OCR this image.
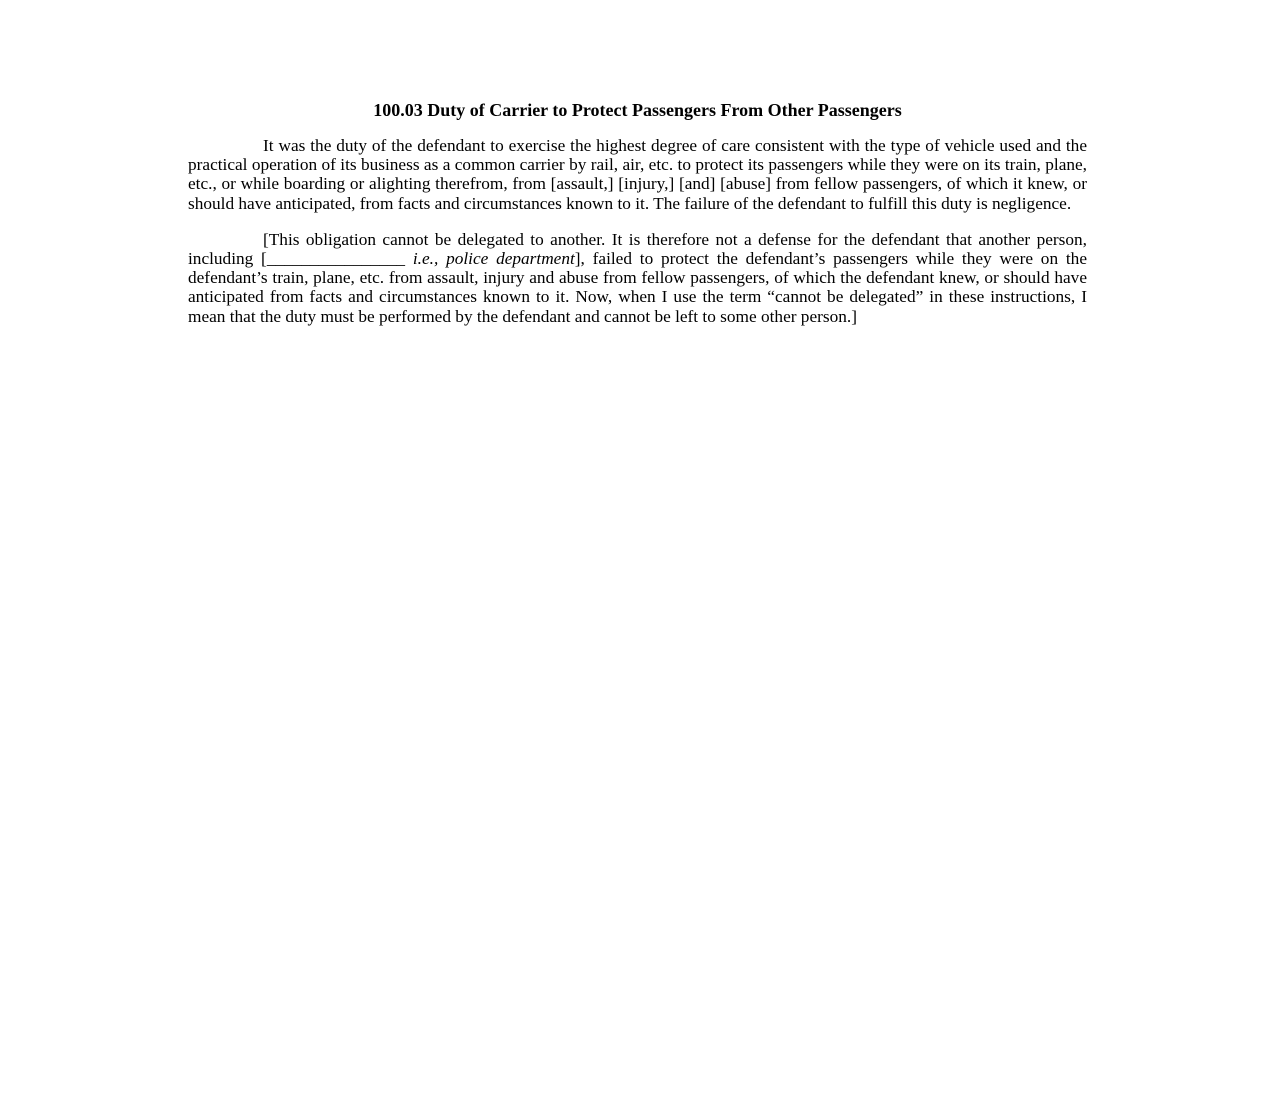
100.03 Duty of Carrier to Protect Passengers From Other Passengers

It was the duty of the defendant to exercise the highest degree of care consistent with the type of vehicle used and the practical operation of its business as a common carrier by rail, air, etc. to protect its passengers while they were on its train, plane, etc., or while boarding or alighting therefrom, from [assault,] [injury,] [and] [abuse] from fellow passengers, of which it knew, or should have anticipated, from facts and circumstances known to it. The failure of the defendant to fulfill this duty is negligence.

[This obligation cannot be delegated to another. It is therefore not a defense for the defendant that another person, including [________________ i.e., police department], failed to protect the defendant’s passengers while they were on the defendant’s train, plane, etc. from assault, injury and abuse from fellow passengers, of which the defendant knew, or should have anticipated from facts and circumstances known to it. Now, when I use the term “cannot be delegated” in these instructions, I mean that the duty must be performed by the defendant and cannot be left to some other person.]
